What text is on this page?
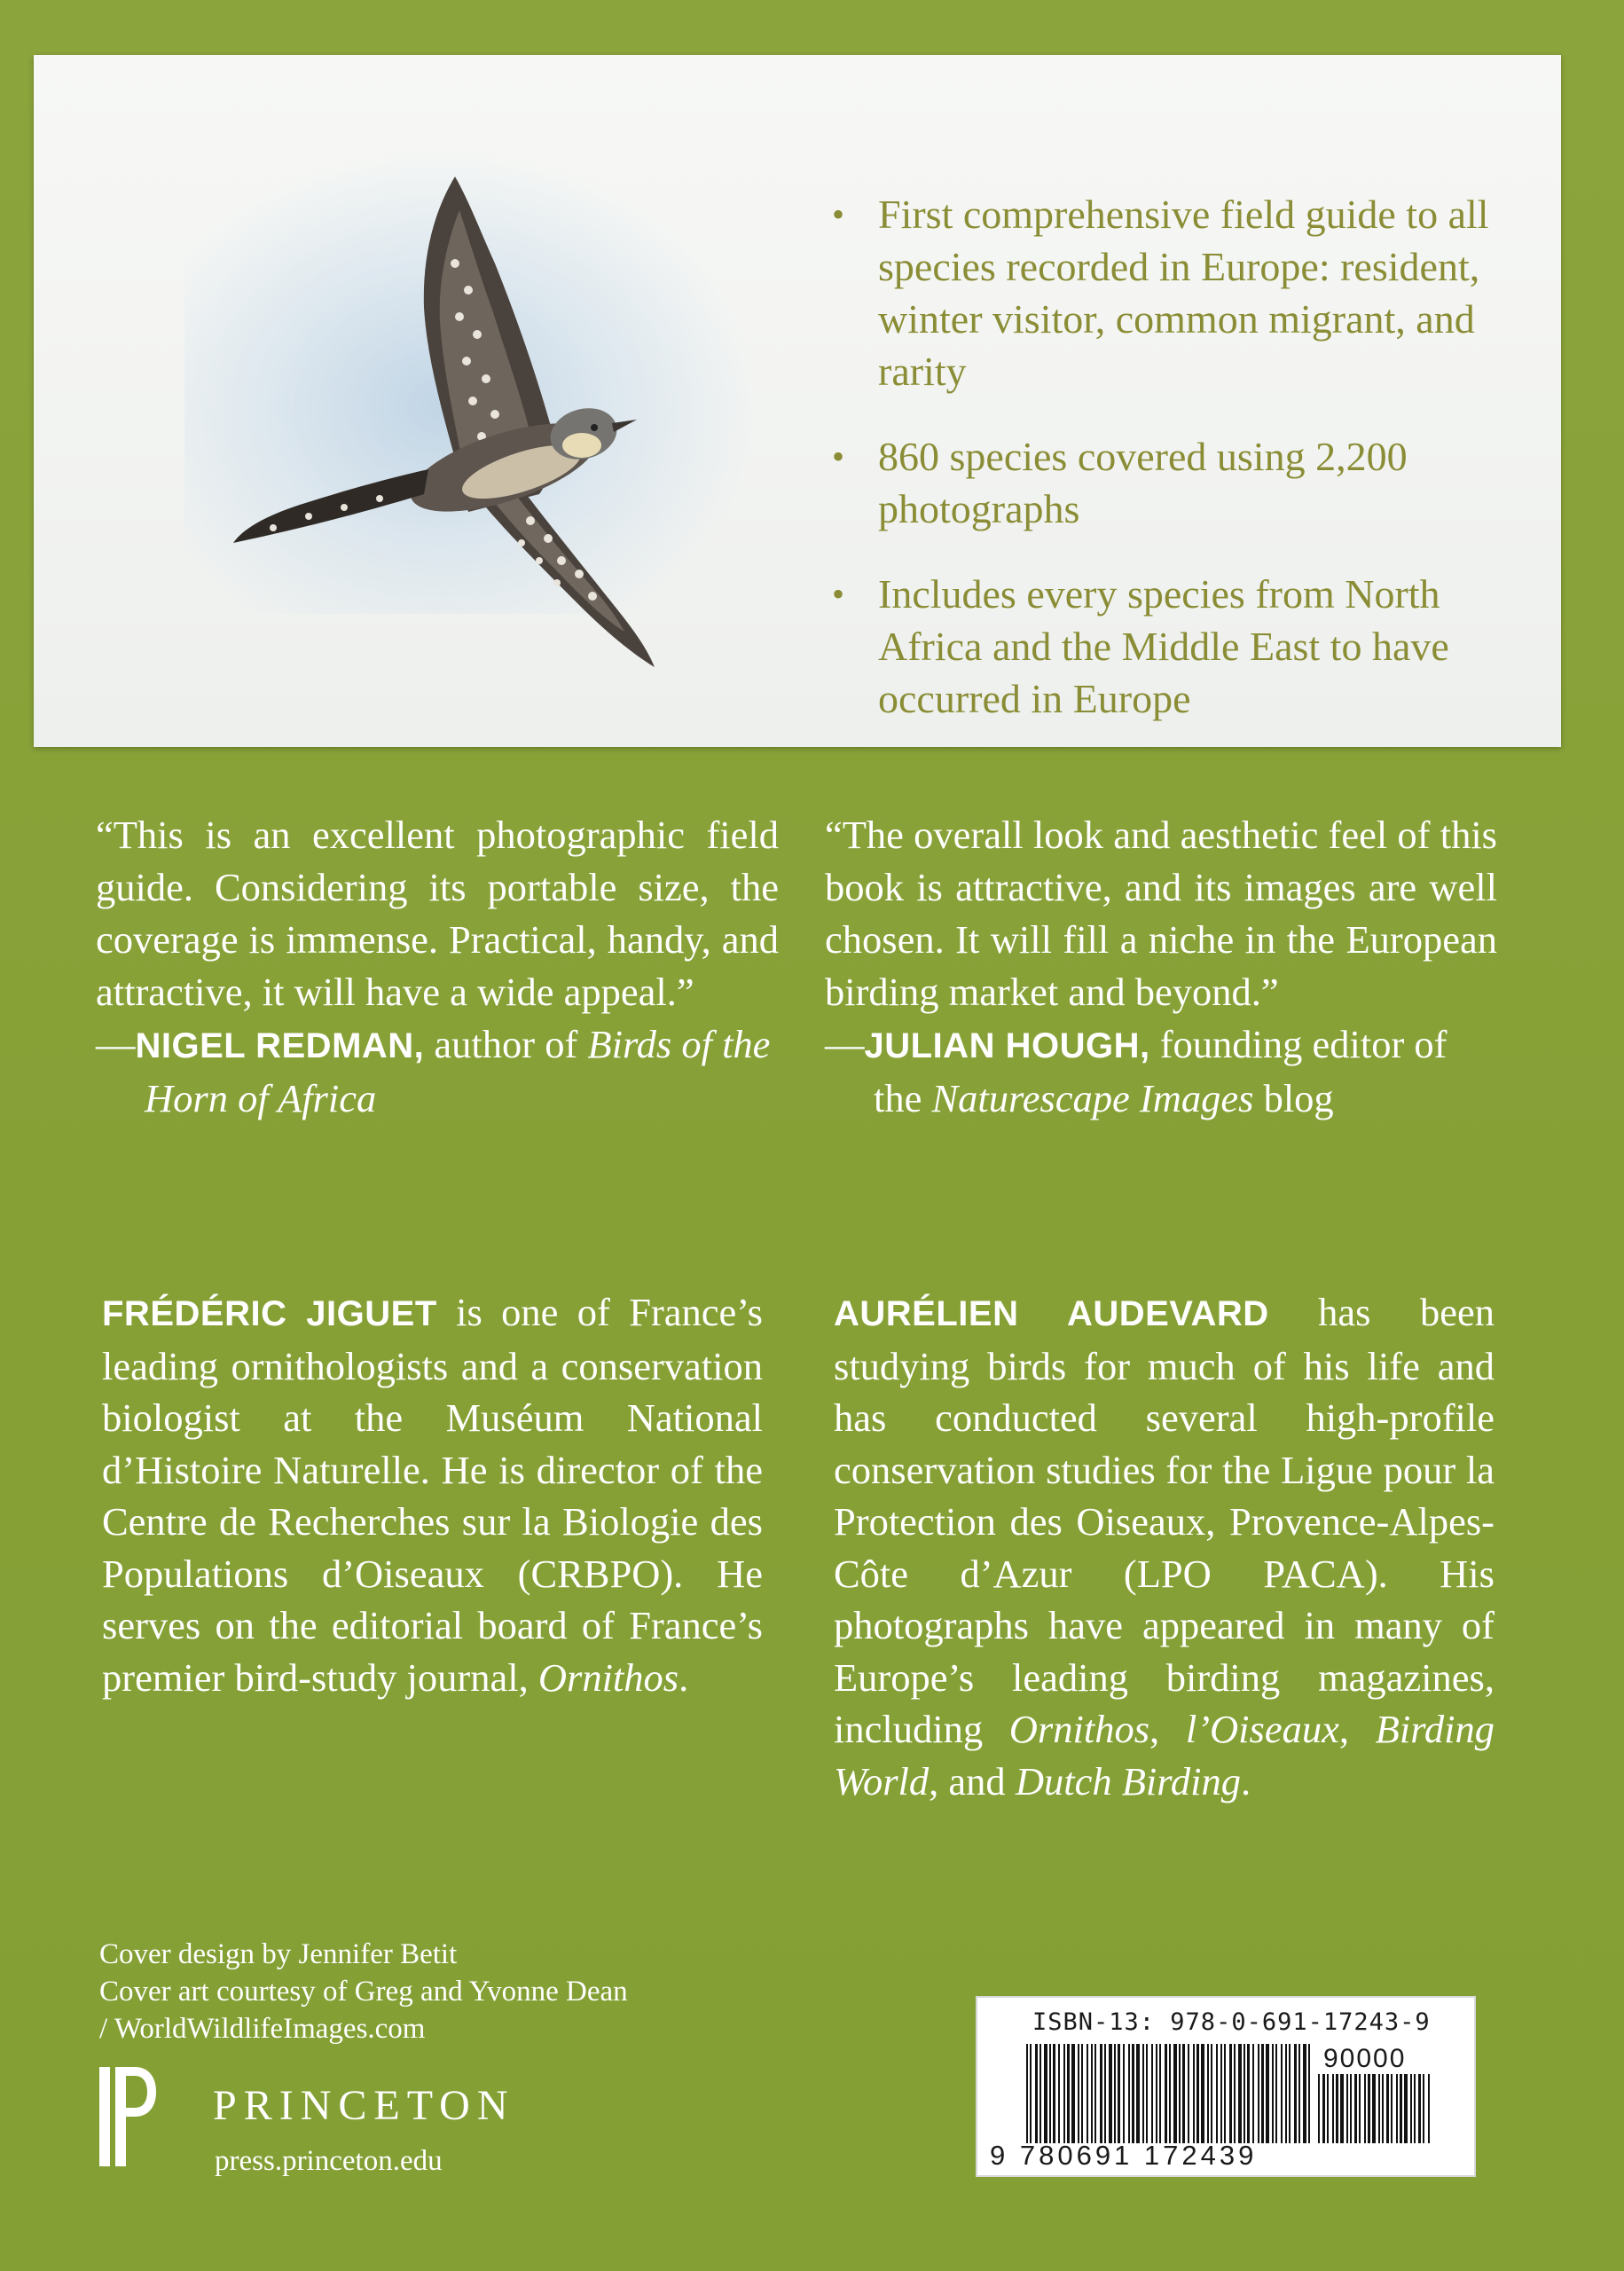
• First comprehensive field guide to all species recorded in Europe: resident, winter visitor, common migrant, and rarity
• 860 species covered using 2,200 photographs
• Includes every species from North Africa and the Middle East to have occurred in Europe

“This is an excellent photographic field guide. Considering its portable size, the coverage is immense. Practical, handy, and attractive, it will have a wide appeal.”

—NIGEL REDMAN, author of Birds of the Horn of Africa

“The overall look and aesthetic feel of this book is attractive, and its images are well chosen. It will fill a niche in the European birding market and beyond.”

—JULIAN HOUGH, founding editor of the Naturescape Images blog

FRÉDÉRIC JIGUET is one of France’s leading ornithologists and a conservation biologist at the Muséum National d’Histoire Naturelle. He is director of the Centre de Recherches sur la Biologie des Populations d’Oiseaux (CRBPO). He serves on the editorial board of France’s premier bird-study journal, Ornithos.

AURÉLIEN AUDEVARD has been studying birds for much of his life and has conducted several high-profile conservation studies for the Ligue pour la Protection des Oiseaux, Provence-Alpes-Côte d’Azur (LPO PACA). His photographs have appeared in many of Europe’s leading birding magazines, including Ornithos, l’Oiseaux, Birding World, and Dutch Birding.

Cover design by Jennifer Betit

Cover art courtesy of Greg and Yvonne Dean

/ WorldWildlifeImages.com

PRINCETON
press.princeton.edu
ISBN-13: 978-0-691-17243-9
90000
9 780691 172439
